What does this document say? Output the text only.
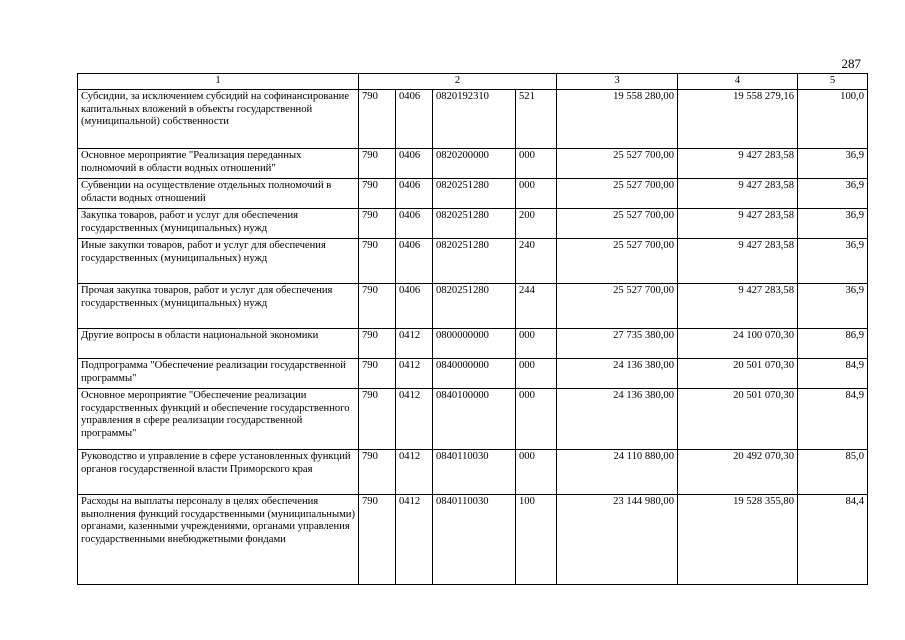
287
1	2				3	4	5
Субсидии, за исключением субсидий на софинансирование капитальных вложений в объекты государственной (муниципальной) собственности	790	0406	0820192310	521	19 558 280,00	19 558 279,16	100,0
Основное мероприятие "Реализация переданных полномочий в области водных отношений"	790	0406	0820200000	000	25 527 700,00	9 427 283,58	36,9
Субвенции на осуществление отдельных полномочий в области водных отношений	790	0406	0820251280	000	25 527 700,00	9 427 283,58	36,9
Закупка товаров, работ и услуг для обеспечения государственных (муниципальных) нужд	790	0406	0820251280	200	25 527 700,00	9 427 283,58	36,9
Иные закупки товаров, работ и услуг для обеспечения государственных (муниципальных) нужд	790	0406	0820251280	240	25 527 700,00	9 427 283,58	36,9
Прочая закупка товаров, работ и услуг для обеспечения государственных (муниципальных) нужд	790	0406	0820251280	244	25 527 700,00	9 427 283,58	36,9
Другие вопросы в области национальной экономики	790	0412	0800000000	000	27 735 380,00	24 100 070,30	86,9
Подпрограмма "Обеспечение реализации государственной программы"	790	0412	0840000000	000	24 136 380,00	20 501 070,30	84,9
Основное мероприятие "Обеспечение реализации государственных функций и обеспечение государственного управления в сфере реализации государственной программы"	790	0412	0840100000	000	24 136 380,00	20 501 070,30	84,9
Руководство и управление в сфере установленных функций органов государственной власти Приморского края	790	0412	0840110030	000	24 110 880,00	20 492 070,30	85,0
Расходы на выплаты персоналу в целях обеспечения выполнения функций государственными (муниципальными) органами, казенными учреждениями, органами управления государственными внебюджетными фондами	790	0412	0840110030	100	23 144 980,00	19 528 355,80	84,4
